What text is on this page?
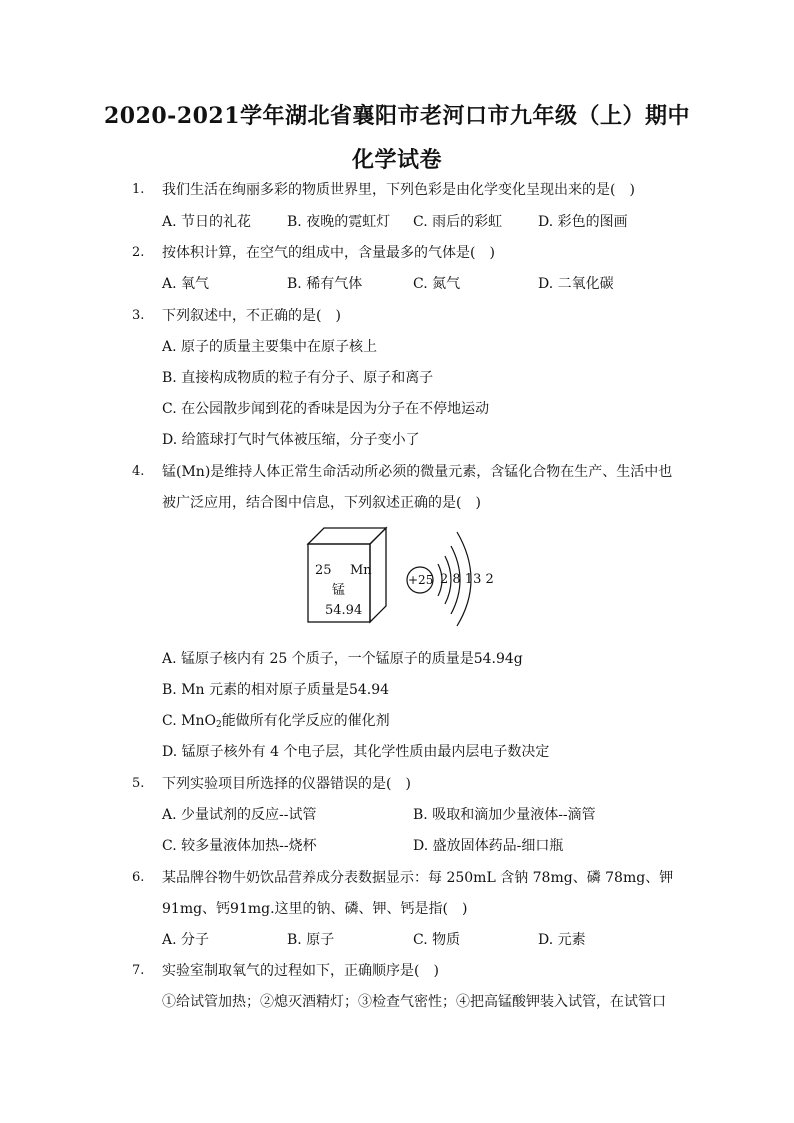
2020-2021学年湖北省襄阳市老河口市九年级（上）期中
化学试卷
1. 我们生活在绚丽多彩的物质世界里，下列色彩是由化学变化呈现出来的是(　)
A. 节日的礼花	B. 夜晚的霓虹灯 C. 雨后的彩虹	D. 彩色的图画
2. 按体积计算，在空气的组成中，含量最多的气体是(　)
A. 氧气	B. 稀有气体	C. 氮气	D. 二氧化碳
3. 下列叙述中，不正确的是(　)
A. 原子的质量主要集中在原子核上
B. 直接构成物质的粒子有分子、原子和离子
C. 在公园散步闻到花的香味是因为分子在不停地运动
D. 给篮球打气时气体被压缩，分子变小了
4. 锰(Mn)是维持人体正常生命活动所必须的微量元素，含锰化合物在生产、生活中也
被广泛应用，结合图中信息，下列叙述正确的是(　)
25 Mn
锰
54.94
+25 2 8 13 2
A. 锰原子核内有 25 个质子，一个锰原子的质量是54.94g
B. Mn 元素的相对原子质量是54.94
C. MnO$_2$能做所有化学反应的催化剂
D. 锰原子核外有 4 个电子层，其化学性质由最内层电子数决定
5. 下列实验项目所选择的仪器错误的是(　)
A. 少量试剂的反应--试管	B. 吸取和滴加少量液体--滴管
C. 较多量液体加热--烧杯	D. 盛放固体药品-细口瓶
6. 某品牌谷物牛奶饮品营养成分表数据显示：每 250mL 含钠 78mg、磷 78mg、钾
91mg、钙91mg.这里的钠、磷、钾、钙是指(　)
A. 分子	B. 原子	C. 物质	D. 元素
7. 实验室制取氧气的过程如下，正确顺序是(　)
①给试管加热；②熄灭酒精灯；③检查气密性；④把高锰酸钾装入试管，在试管口
